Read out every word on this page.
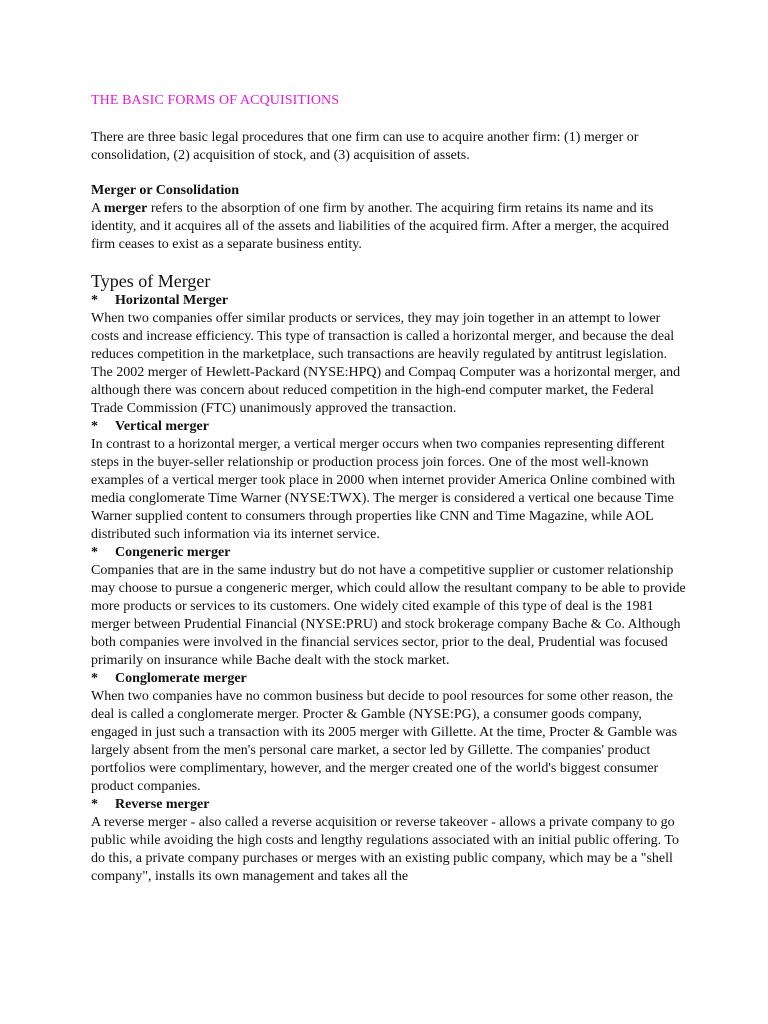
THE BASIC FORMS OF ACQUISITIONS

There are three basic legal procedures that one firm can use to acquire another firm: (1) merger or consolidation, (2) acquisition of stock, and (3) acquisition of assets.

Merger or Consolidation

A merger refers to the absorption of one firm by another. The acquiring firm retains its name and its identity, and it acquires all of the assets and liabilities of the acquired firm. After a merger, the acquired firm ceases to exist as a separate business entity.

Types of Merger

* Horizontal Merger

When two companies offer similar products or services, they may join together in an attempt to lower costs and increase efficiency. This type of transaction is called a horizontal merger, and because the deal reduces competition in the marketplace, such transactions are heavily regulated by antitrust legislation. The 2002 merger of Hewlett-Packard (NYSE:HPQ) and Compaq Computer was a horizontal merger, and although there was concern about reduced competition in the high-end computer market, the Federal Trade Commission (FTC) unanimously approved the transaction.

* Vertical merger

In contrast to a horizontal merger, a vertical merger occurs when two companies representing different steps in the buyer-seller relationship or production process join forces. One of the most well-known examples of a vertical merger took place in 2000 when internet provider America Online combined with media conglomerate Time Warner (NYSE:TWX). The merger is considered a vertical one because Time Warner supplied content to consumers through properties like CNN and Time Magazine, while AOL distributed such information via its internet service.

* Congeneric merger

Companies that are in the same industry but do not have a competitive supplier or customer relationship may choose to pursue a congeneric merger, which could allow the resultant company to be able to provide more products or services to its customers. One widely cited example of this type of deal is the 1981 merger between Prudential Financial (NYSE:PRU) and stock brokerage company Bache & Co. Although both companies were involved in the financial services sector, prior to the deal, Prudential was focused primarily on insurance while Bache dealt with the stock market.

* Conglomerate merger

When two companies have no common business but decide to pool resources for some other reason, the deal is called a conglomerate merger. Procter & Gamble (NYSE:PG), a consumer goods company, engaged in just such a transaction with its 2005 merger with Gillette. At the time, Procter & Gamble was largely absent from the men's personal care market, a sector led by Gillette. The companies' product portfolios were complimentary, however, and the merger created one of the world's biggest consumer product companies.

* Reverse merger

A reverse merger - also called a reverse acquisition or reverse takeover - allows a private company to go public while avoiding the high costs and lengthy regulations associated with an initial public offering. To do this, a private company purchases or merges with an existing public company, which may be a "shell company", installs its own management and takes all the
